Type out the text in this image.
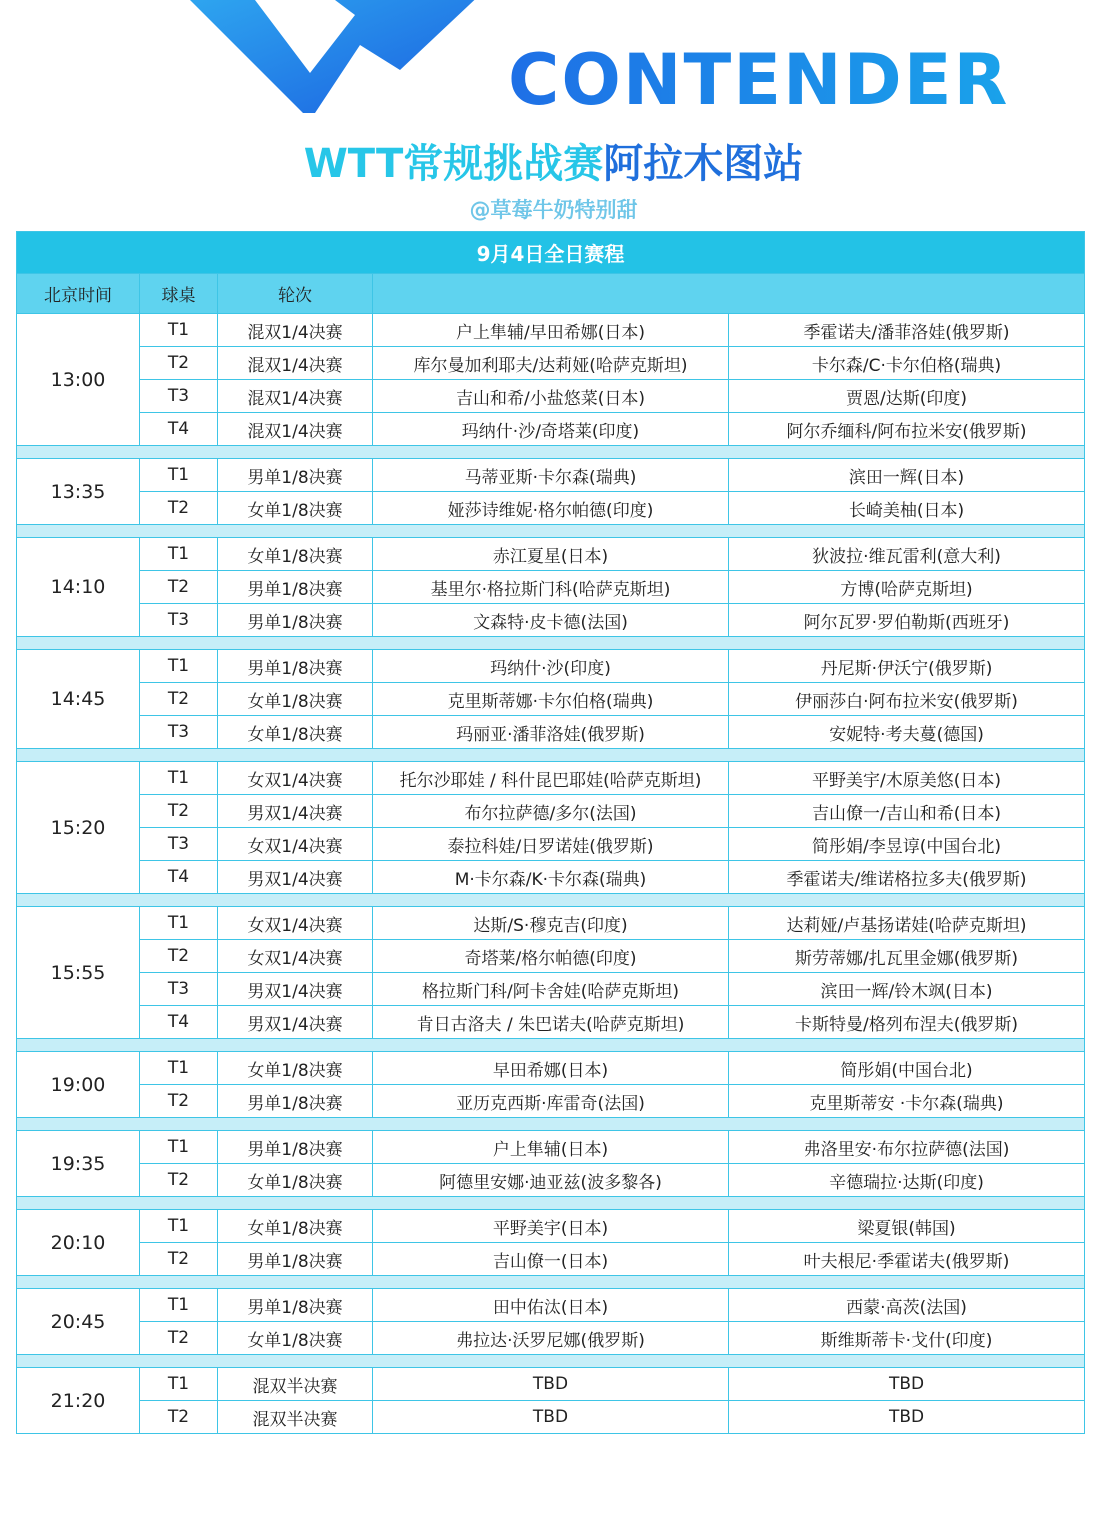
CONTENDER
WTT常规挑战赛阿拉木图站
@草莓牛奶特别甜
9月4日全日赛程				
北京时间	球桌	轮次		
13:00	T1	混双1/4决赛	户上隼辅/早田希娜(日本)	季霍诺夫/潘菲洛娃(俄罗斯)
	T2	混双1/4决赛	库尔曼加利耶夫/达莉娅(哈萨克斯坦)	卡尔森/C·卡尔伯格(瑞典)
	T3	混双1/4决赛	吉山和希/小盐悠菜(日本)	贾恩/达斯(印度)
	T4	混双1/4决赛	玛纳什·沙/奇塔莱(印度)	阿尔乔缅科/阿布拉米安(俄罗斯)

13:35	T1	男单1/8决赛	马蒂亚斯·卡尔森(瑞典)	滨田一辉(日本)
	T2	女单1/8决赛	娅莎诗维妮·格尔帕德(印度)	长崎美柚(日本)

14:10	T1	女单1/8决赛	赤江夏星(日本)	狄波拉·维瓦雷利(意大利)
	T2	男单1/8决赛	基里尔·格拉斯门科(哈萨克斯坦)	方博(哈萨克斯坦)
	T3	男单1/8决赛	文森特·皮卡德(法国)	阿尔瓦罗·罗伯勒斯(西班牙)

14:45	T1	男单1/8决赛	玛纳什·沙(印度)	丹尼斯·伊沃宁(俄罗斯)
	T2	女单1/8决赛	克里斯蒂娜·卡尔伯格(瑞典)	伊丽莎白·阿布拉米安(俄罗斯)
	T3	女单1/8决赛	玛丽亚·潘菲洛娃(俄罗斯)	安妮特·考夫蔓(德国)

15:20	T1	女双1/4决赛	托尔沙耶娃 / 科什昆巴耶娃(哈萨克斯坦)	平野美宇/木原美悠(日本)
	T2	男双1/4决赛	布尔拉萨德/多尔(法国)	吉山僚一/吉山和希(日本)
	T3	女双1/4决赛	泰拉科娃/日罗诺娃(俄罗斯)	简彤娟/李昱谆(中国台北)
	T4	男双1/4决赛	M·卡尔森/K·卡尔森(瑞典)	季霍诺夫/维诺格拉多夫(俄罗斯)

15:55	T1	女双1/4决赛	达斯/S·穆克吉(印度)	达莉娅/卢基扬诺娃(哈萨克斯坦)
	T2	女双1/4决赛	奇塔莱/格尔帕德(印度)	斯劳蒂娜/扎瓦里金娜(俄罗斯)
	T3	男双1/4决赛	格拉斯门科/阿卡舍娃(哈萨克斯坦)	滨田一辉/铃木飒(日本)
	T4	男双1/4决赛	肯日古洛夫 / 朱巴诺夫(哈萨克斯坦)	卡斯特曼/格列布涅夫(俄罗斯)

19:00	T1	女单1/8决赛	早田希娜(日本)	简彤娟(中国台北)
	T2	男单1/8决赛	亚历克西斯·库雷奇(法国)	克里斯蒂安 ·卡尔森(瑞典)

19:35	T1	男单1/8决赛	户上隼辅(日本)	弗洛里安·布尔拉萨德(法国)
	T2	女单1/8决赛	阿德里安娜·迪亚兹(波多黎各)	辛德瑞拉·达斯(印度)

20:10	T1	女单1/8决赛	平野美宇(日本)	梁夏银(韩国)
	T2	男单1/8决赛	吉山僚一(日本)	叶夫根尼·季霍诺夫(俄罗斯)

20:45	T1	男单1/8决赛	田中佑汰(日本)	西蒙·高茨(法国)
	T2	女单1/8决赛	弗拉达·沃罗尼娜(俄罗斯)	斯维斯蒂卡·戈什(印度)

21:20	T1	混双半决赛	TBD	TBD
	T2	混双半决赛	TBD	TBD
